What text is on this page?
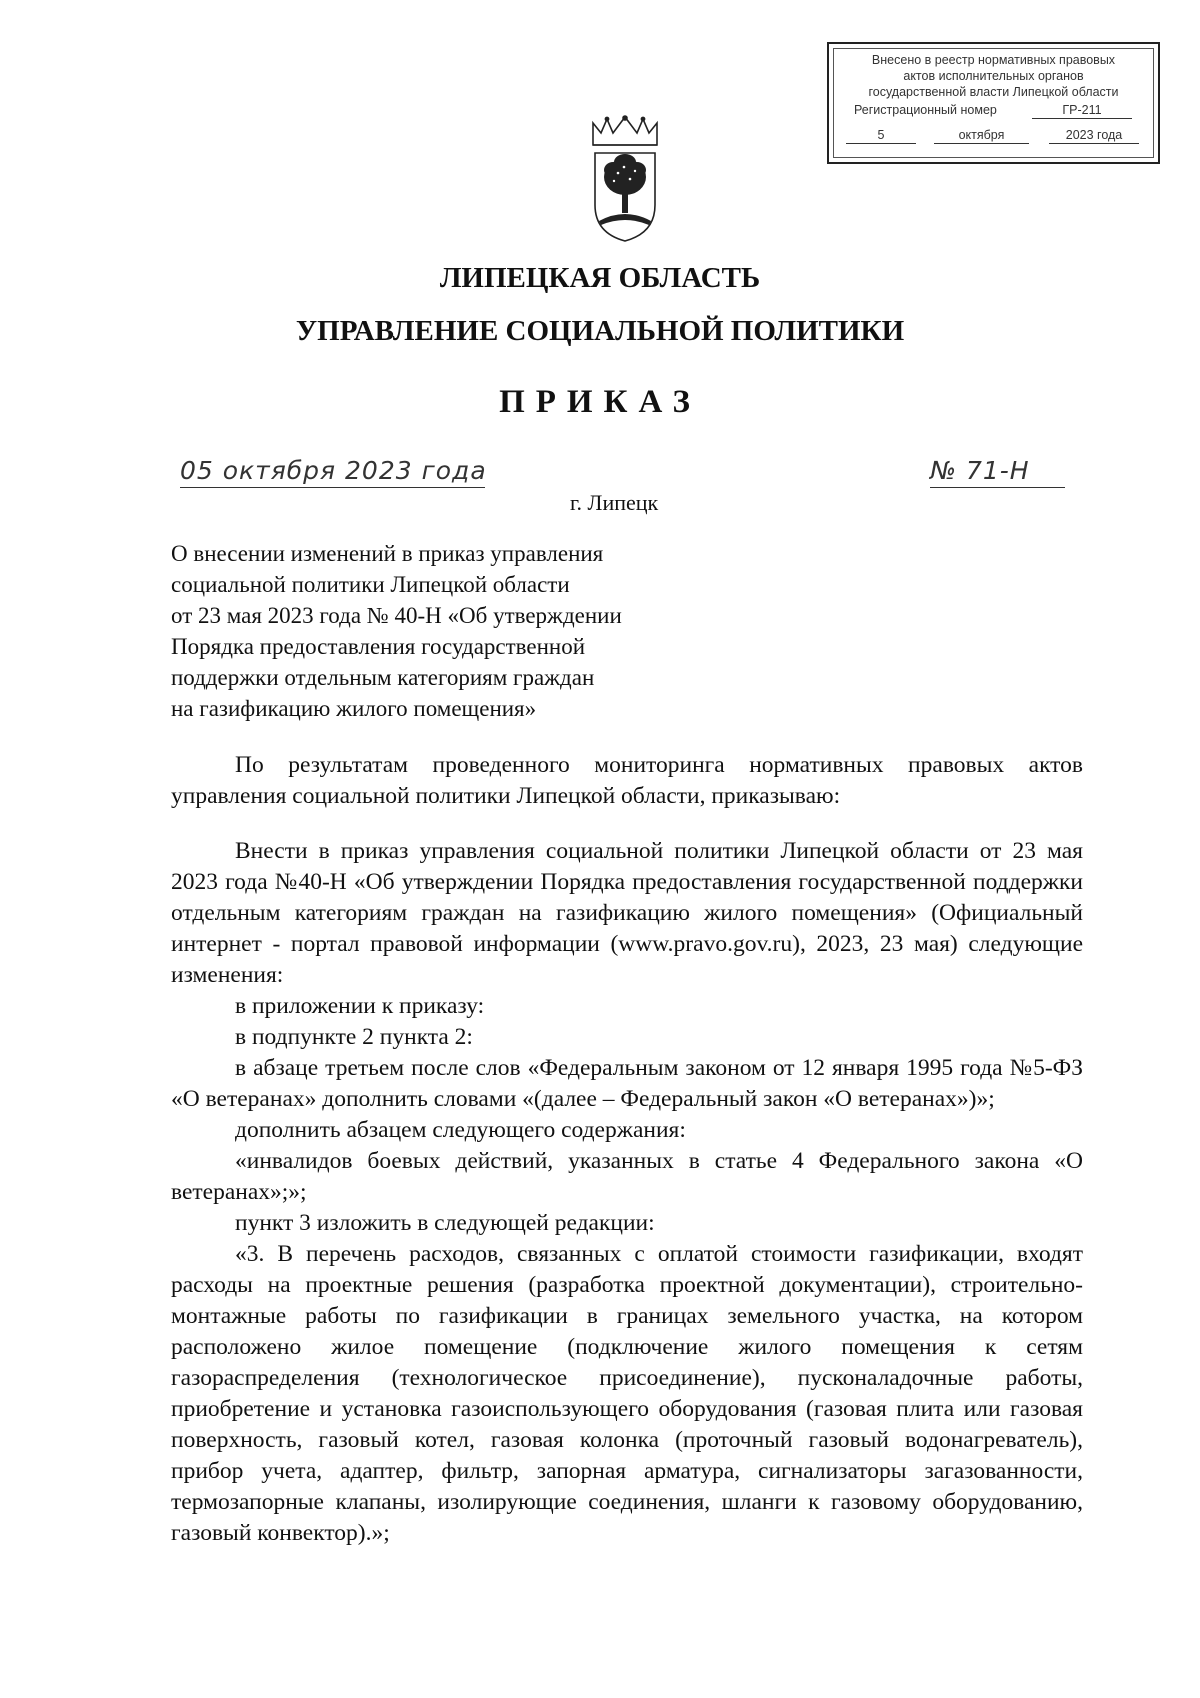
Внесено в реестр нормативных правовых
актов исполнительных органов
государственной власти Липецкой области
Регистрационный номер	ГР-211
5	октября	2023 года
ЛИПЕЦКАЯ ОБЛАСТЬ
УПРАВЛЕНИЕ СОЦИАЛЬНОЙ ПОЛИТИКИ
ПРИКАЗ
05 октября 2023 года	№ 71-Н
г. Липецк
О внесении изменений в приказ управления
социальной политики Липецкой области
от 23 мая 2023 года № 40-Н «Об утверждении
Порядка предоставления государственной
поддержки отдельным категориям граждан
на газификацию жилого помещения»

По результатам проведенного мониторинга нормативных правовых актов управления социальной политики Липецкой области, приказываю:

Внести в приказ управления социальной политики Липецкой области от 23 мая 2023 года №40-Н «Об утверждении Порядка предоставления государственной поддержки отдельным категориям граждан на газификацию жилого помещения» (Официальный интернет - портал правовой информации (www.pravo.gov.ru), 2023, 23 мая) следующие изменения:

в приложении к приказу:

в подпункте 2 пункта 2:

в абзаце третьем после слов «Федеральным законом от 12 января 1995 года №5-ФЗ «О ветеранах» дополнить словами «(далее – Федеральный закон «О ветеранах»)»;

дополнить абзацем следующего содержания:

«инвалидов боевых действий, указанных в статье 4 Федерального закона «О ветеранах»;»;

пункт 3 изложить в следующей редакции:

«3. В перечень расходов, связанных с оплатой стоимости газификации, входят расходы на проектные решения (разработка проектной документации), строительно-монтажные работы по газификации в границах земельного участка, на котором расположено жилое помещение (подключение жилого помещения к сетям газораспределения (технологическое присоединение), пусконаладочные работы, приобретение и установка газоиспользующего оборудования (газовая плита или газовая поверхность, газовый котел, газовая колонка (проточный газовый водонагреватель), прибор учета, адаптер, фильтр, запорная арматура, сигнализаторы загазованности, термозапорные клапаны, изолирующие соединения, шланги к газовому оборудованию, газовый конвектор).»;
